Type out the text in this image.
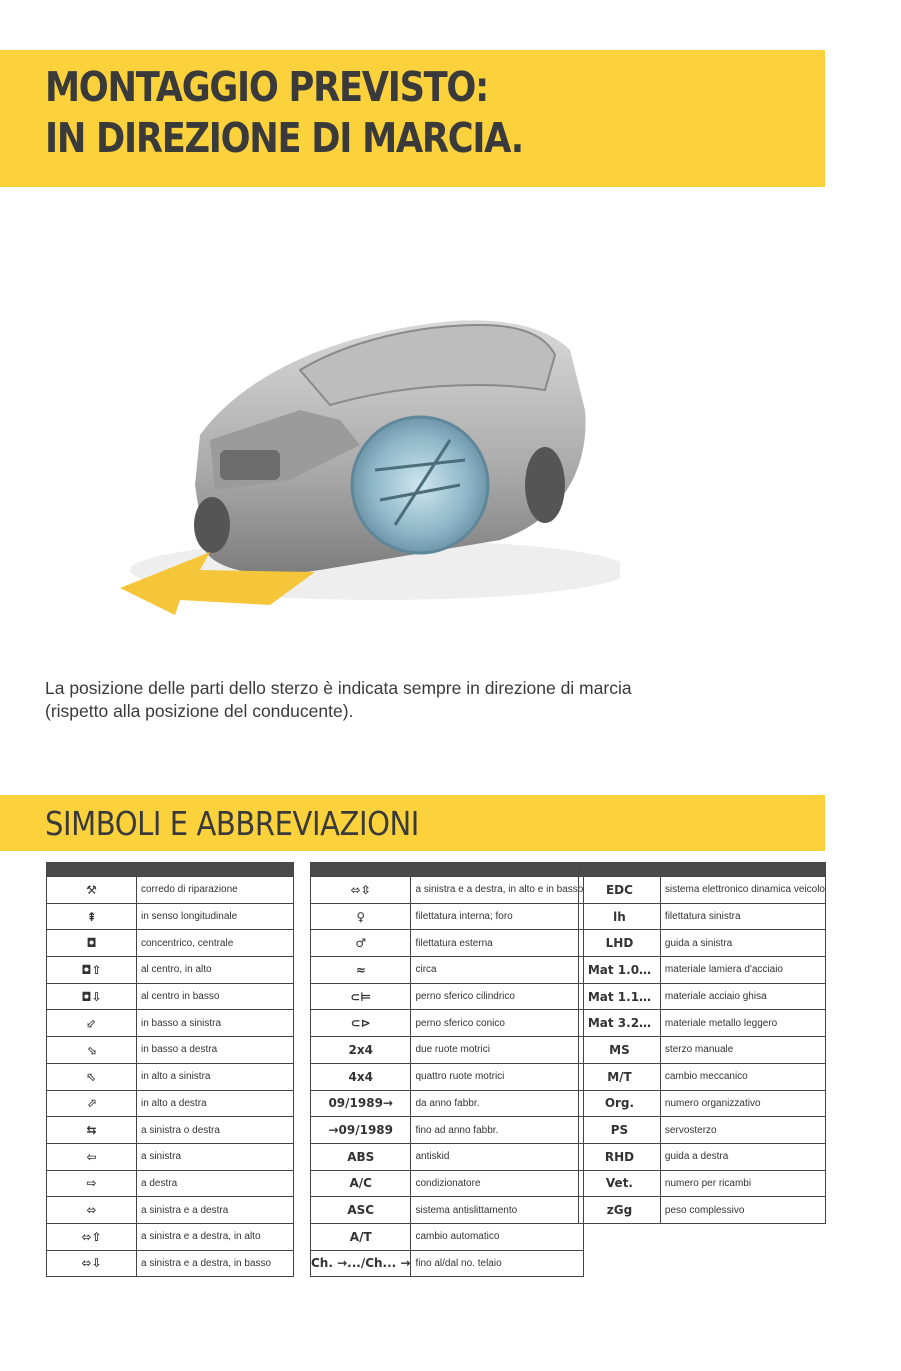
MONTAGGIO PREVISTO:
IN DIREZIONE DI MARCIA.

La posizione delle parti dello sterzo è indicata sempre in direzione di marcia
(rispetto alla posizione del conducente).

SIMBOLI E ABBREVIAZIONI

⚒	corredo di riparazione
⇞	in senso longitudinale
◘	concentrico, centrale
◘⇧	al centro, in alto
◘⇩	al centro in basso
⬃	in basso a sinistra
⬂	in basso a destra
⬁	in alto a sinistra
⬀	in alto a destra
⇆	a sinistra o destra
⇦	a sinistra
⇨	a destra
⬄	a sinistra e a destra
⬄⇧	a sinistra e a destra, in alto
⬄⇩	a sinistra e a destra, in basso

⬄⇳	a sinistra e a destra, in alto e in basso
♀	filettatura interna; foro
♂	filettatura esterna
≈	circa
⊂⊨	perno sferico cilindrico
⊂⊳	perno sferico conico
2x4	due ruote motrici
4x4	quattro ruote motrici
09/1989→	da anno fabbr.
→09/1989	fino ad anno fabbr.
ABS	antiskid
A/C	condizionatore
ASC	sistema antislittamento
A/T	cambio automatico
Ch. →.../Ch... →	fino al/dal no. telaio

EDC	sistema elettronico dinamica veicolo
lh	filettatura sinistra
LHD	guida a sinistra
Mat 1.0…	materiale lamiera d'acciaio
Mat 1.1…	materiale acciaio ghisa
Mat 3.2…	materiale metallo leggero
MS	sterzo manuale
M/T	cambio meccanico
Org.	numero organizzativo
PS	servosterzo
RHD	guida a destra
Vet.	numero per ricambi
zGg	peso complessivo
